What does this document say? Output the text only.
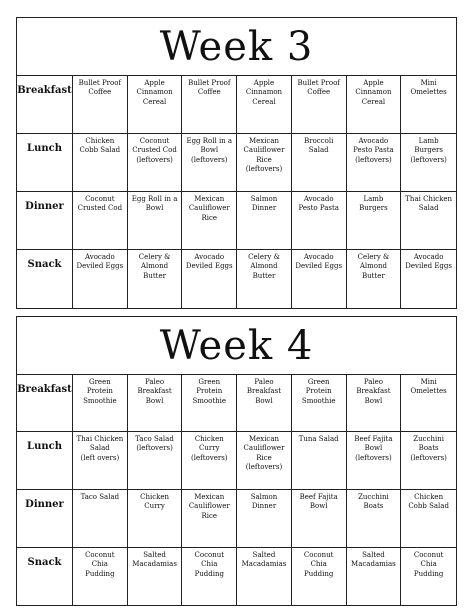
Week 3
Breakfast
Bullet Proof
Coffee
Apple
Cinnamon
Cereal
Bullet Proof
Coffee
Apple
Cinnamon
Cereal
Bullet Proof
Coffee
Apple
Cinnamon
Cereal
Mini
Omelettes
Lunch
Chicken
Cobb Salad
Coconut
Crusted Cod
(leftovers)
Egg Roll in a
Bowl
(leftovers)
Mexican
Cauliflower
Rice
(leftovers)
Broccoli
Salad
Avocado
Pesto Pasta
(leftovers)
Lamb
Burgers
(leftovers)
Dinner
Coconut
Crusted Cod
Egg Roll in a
Bowl
Mexican
Cauliflower
Rice
Salmon
Dinner
Avocado
Pesto Pasta
Lamb
Burgers
Thai Chicken
Salad
Snack
Avocado
Deviled Eggs
Celery &
Almond
Butter
Avocado
Deviled Eggs
Celery &
Almond
Butter
Avocado
Deviled Eggs
Celery &
Almond
Butter
Avocado
Deviled Eggs
Week 4
Breakfast
Green
Protein
Smoothie
Paleo
Breakfast
Bowl
Green
Protein
Smoothie
Paleo
Breakfast
Bowl
Green
Protein
Smoothie
Paleo
Breakfast
Bowl
Mini
Omelettes
Lunch
Thai Chicken
Salad
(left overs)
Taco Salad
(leftovers)
Chicken
Curry
(leftovers)
Mexican
Cauliflower
Rice
(leftovers)
Tuna Salad	Beef Fajita
Bowl
(leftovers)
Zucchini
Boats
(leftovers)
Dinner
Taco Salad	Chicken
Curry
Mexican
Cauliflower
Rice
Salmon
Dinner
Beef Fajita
Bowl
Zucchini
Boats
Chicken
Cobb Salad
Snack
Coconut
Chia
Pudding
Salted
Macadamias
Coconut
Chia
Pudding
Salted
Macadamias
Coconut
Chia
Pudding
Salted
Macadamias
Coconut
Chia
Pudding
